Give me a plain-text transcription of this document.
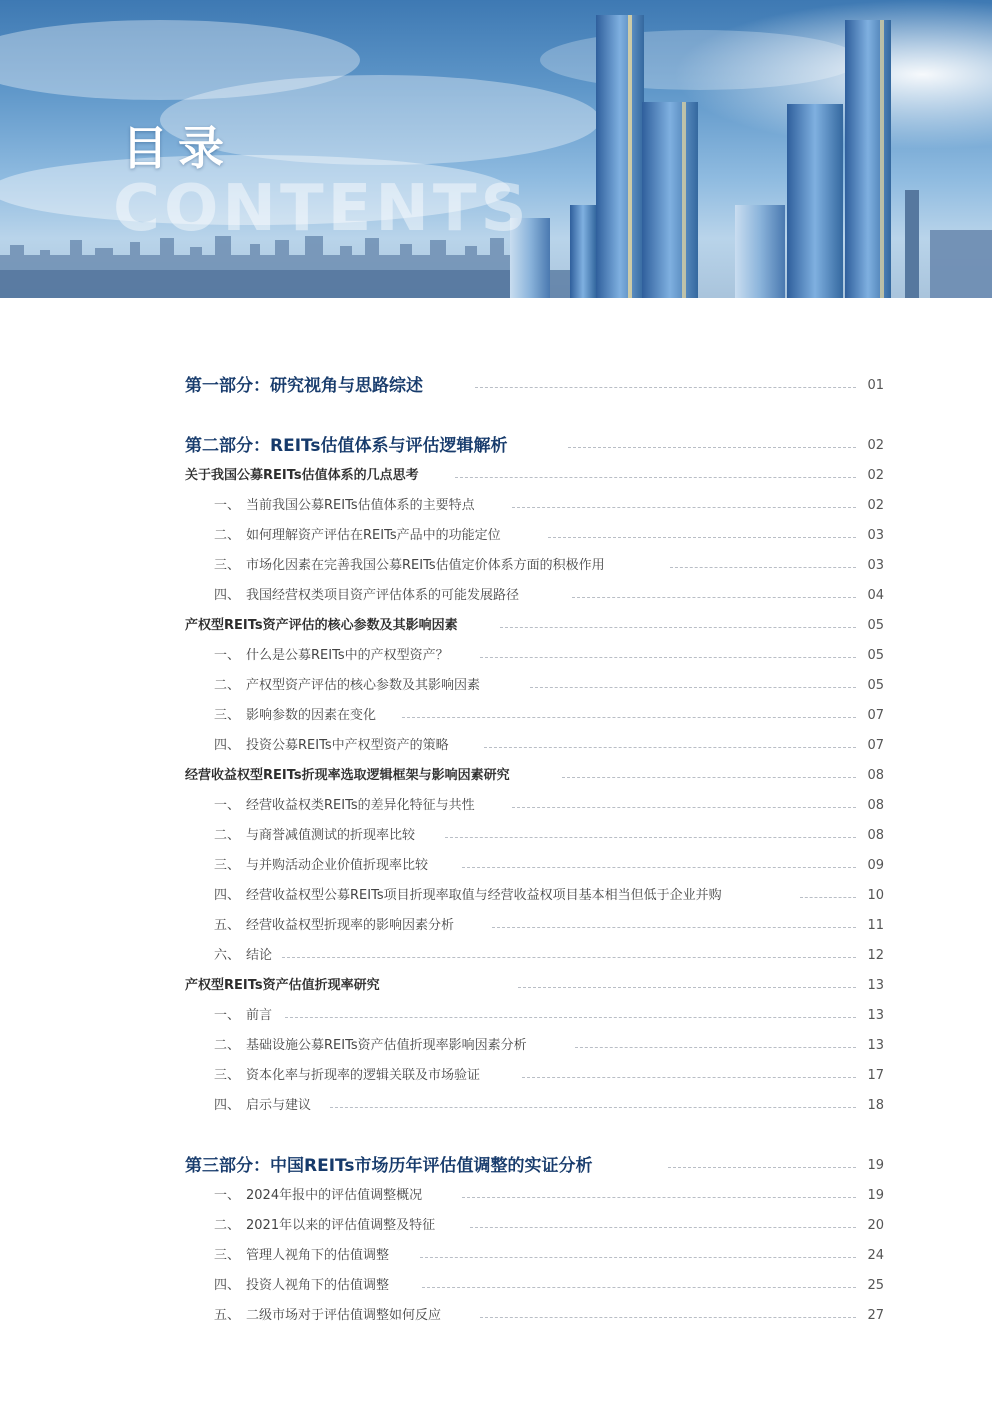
目录
CONTENTS
第一部分：研究视角与思路综述	01
第二部分：REITs估值体系与评估逻辑解析	02
关于我国公募REITs估值体系的几点思考	02
一、 当前我国公募REITs估值体系的主要特点	02
二、 如何理解资产评估在REITs产品中的功能定位	03
三、 市场化因素在完善我国公募REITs估值定价体系方面的积极作用	03
四、 我国经营权类项目资产评估体系的可能发展路径	04
产权型REITs资产评估的核心参数及其影响因素	05
一、 什么是公募REITs中的产权型资产？	05
二、 产权型资产评估的核心参数及其影响因素	05
三、 影响参数的因素在变化	07
四、 投资公募REITs中产权型资产的策略	07
经营收益权型REITs折现率选取逻辑框架与影响因素研究	08
一、 经营收益权类REITs的差异化特征与共性	08
二、 与商誉减值测试的折现率比较	08
三、 与并购活动企业价值折现率比较	09
四、 经营收益权型公募REITs项目折现率取值与经营收益权项目基本相当但低于企业并购	10
五、 经营收益权型折现率的影响因素分析	11
六、 结论	12
产权型REITs资产估值折现率研究	13
一、 前言	13
二、 基础设施公募REITs资产估值折现率影响因素分析	13
三、 资本化率与折现率的逻辑关联及市场验证	17
四、 启示与建议	18
第三部分：中国REITs市场历年评估值调整的实证分析	19
一、 2024年报中的评估值调整概况	19
二、 2021年以来的评估值调整及特征	20
三、 管理人视角下的估值调整	24
四、 投资人视角下的估值调整	25
五、 二级市场对于评估值调整如何反应	27
